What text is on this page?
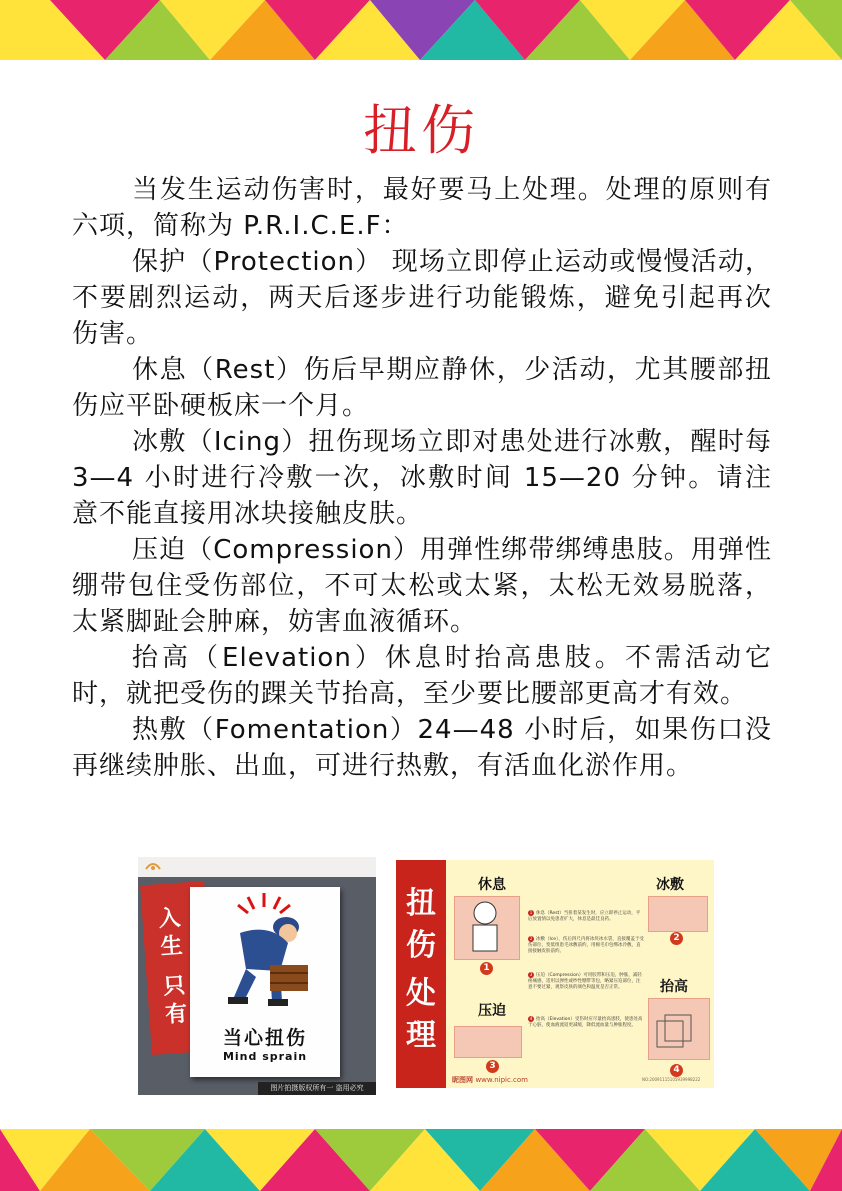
扭伤

当发生运动伤害时，最好要马上处理。处理的原则有六项，简称为 P.R.I.C.E.F：

保护（Protection） 现场立即停止运动或慢慢活动，不要剧烈运动，两天后逐步进行功能锻炼，避免引起再次伤害。

休息（Rest）伤后早期应静休，少活动，尤其腰部扭伤应平卧硬板床一个月。

冰敷（Icing）扭伤现场立即对患处进行冰敷，醒时每 3—4 小时进行冷敷一次，冰敷时间 15—20 分钟。请注意不能直接用冰块接触皮肤。

压迫（Compression）用弹性绑带绑缚患肢。用弹性绷带包住受伤部位，不可太松或太紧，太松无效易脱落，太紧脚趾会肿麻，妨害血液循环。

抬高（Elevation）休息时抬高患肢。不需活动它时，就把受伤的踝关节抬高，至少要比腰部更高才有效。

热敷（Fomentation）24—48 小时后，如果伤口没再继续肿胀、出血，可进行热敷，有活血化淤作用。

入
生
只
有
当心扭伤
Mind sprain
图片拍摄版权所有一 盗用必究
扭
伤
处
理
休息
1
冰敷
2
压迫
3
抬高
4
1 休息（Rest）当扭着某发生时，应立即停止运动，平后放置情以免患者扩大，休息是最佳良药。
2 冰敷（Ice），伤后四尺内将冰块冰水袋，直接覆盖于受伤部位，变低组患毛冰敷前约，用棉毛巾包绑冰冷敷、直接接触皮肤前约。
3 压迫（Compression）可用胶带和压迫，肿胀，减轻疼痛感，适用以弹性或纱性绷带等包，略紧压迫部位，注意不要过紧，观察皮肤的颜色和温度是否正常。
4 抬高（Elevation）受伤时应尽量抬高患肢，使患处高于心脏，使血液流返更减缓，降低流血量与肿胀程度。
昵图网 www.nipic.com	NO:20091115105939998222
